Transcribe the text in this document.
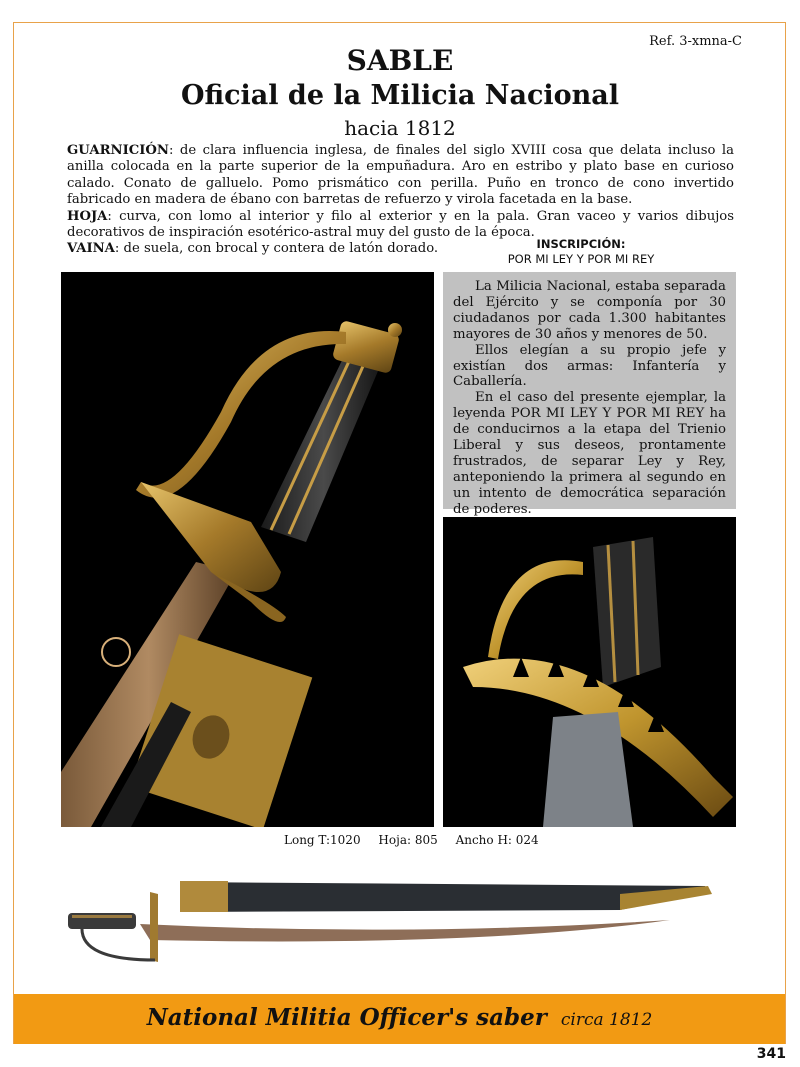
Ref. 3-xmna-C
SABLE
Oficial de la Milicia Nacional
hacia 1812

GUARNICIÓN: de clara influencia inglesa, de finales del siglo XVIII cosa que delata incluso la anilla colocada en la parte superior de la empuñadura. Aro en estribo y plato base en curioso calado. Conato de galluelo. Pomo prismático con perilla. Puño en tronco de cono invertido fabricado en madera de ébano con barretas de refuerzo y virola facetada en la base.

HOJA: curva, con lomo al interior y filo al exterior y en la pala. Gran vaceo y varios dibujos decorativos de inspiración esotérico-astral muy del gusto de la época.

VAINA: de suela, con brocal y contera de latón dorado.	INSCRIPCIÓN:
POR MI LEY Y POR MI REY

La Milicia Nacional, estaba separada del Ejército y se componía por 30 ciudadanos por cada 1.300 habitantes mayores de 30 años y menores de 50.

Ellos elegían a su propio jefe y existían dos armas: Infantería y Caballería.

En el caso del presente ejemplar, la leyenda POR MI LEY Y POR MI REY ha de conducirnos a la etapa del Trienio Liberal y sus deseos, prontamente frustrados, de separar Ley y Rey, anteponiendo la primera al segundo en un intento de democrática separación de poderes.

Long T:1020 Hoja: 805 Ancho H: 024
National Militia Officer's saber circa 1812
341
